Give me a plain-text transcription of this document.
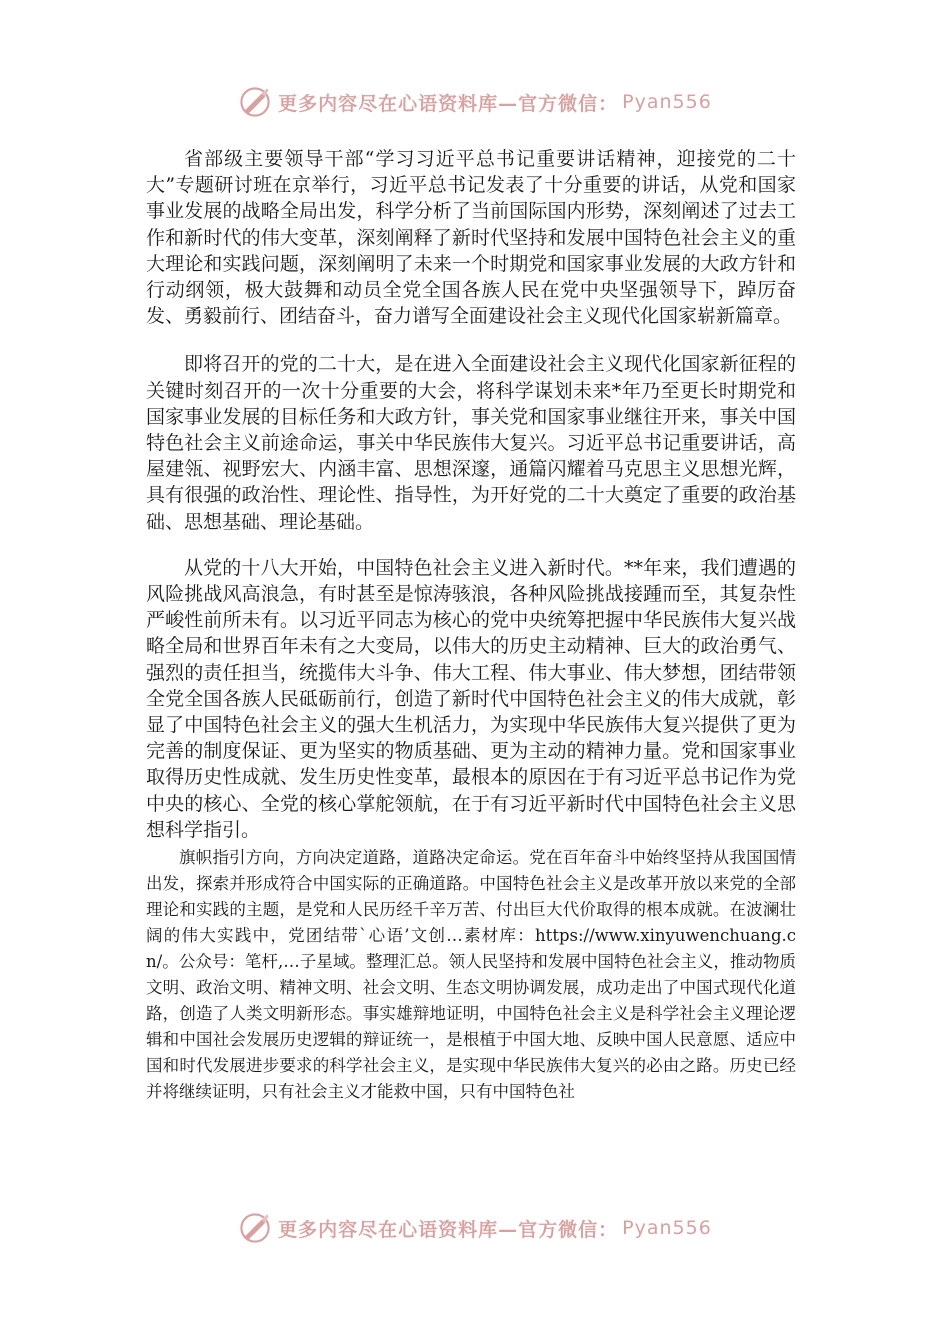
更多内容尽在心语资料库—官方微信： Pyan556

省部级主要领导干部“学习习近平总书记重要讲话精神，迎接党的二十大”专题研讨班在京举行，习近平总书记发表了十分重要的讲话，从党和国家事业发展的战略全局出发，科学分析了当前国际国内形势，深刻阐述了过去工作和新时代的伟大变革，深刻阐释了新时代坚持和发展中国特色社会主义的重大理论和实践问题，深刻阐明了未来一个时期党和国家事业发展的大政方针和行动纲领，极大鼓舞和动员全党全国各族人民在党中央坚强领导下，踔厉奋发、勇毅前行、团结奋斗，奋力谱写全面建设社会主义现代化国家崭新篇章。

即将召开的党的二十大，是在进入全面建设社会主义现代化国家新征程的关键时刻召开的一次十分重要的大会，将科学谋划未来*年乃至更长时期党和国家事业发展的目标任务和大政方针，事关党和国家事业继往开来，事关中国特色社会主义前途命运，事关中华民族伟大复兴。习近平总书记重要讲话，高屋建瓴、视野宏大、内涵丰富、思想深邃，通篇闪耀着马克思主义思想光辉，具有很强的政治性、理论性、指导性，为开好党的二十大奠定了重要的政治基础、思想基础、理论基础。

从党的十八大开始，中国特色社会主义进入新时代。**年来，我们遭遇的风险挑战风高浪急，有时甚至是惊涛骇浪，各种风险挑战接踵而至，其复杂性严峻性前所未有。以习近平同志为核心的党中央统筹把握中华民族伟大复兴战略全局和世界百年未有之大变局，以伟大的历史主动精神、巨大的政治勇气、强烈的责任担当，统揽伟大斗争、伟大工程、伟大事业、伟大梦想，团结带领全党全国各族人民砥砺前行，创造了新时代中国特色社会主义的伟大成就，彰显了中国特色社会主义的强大生机活力，为实现中华民族伟大复兴提供了更为完善的制度保证、更为坚实的物质基础、更为主动的精神力量。党和国家事业取得历史性成就、发生历史性变革，最根本的原因在于有习近平总书记作为党中央的核心、全党的核心掌舵领航，在于有习近平新时代中国特色社会主义思想科学指引。

旗帜指引方向，方向决定道路，道路决定命运。党在百年奋斗中始终坚持从我国国情出发，探索并形成符合中国实际的正确道路。中国特色社会主义是改革开放以来党的全部理论和实践的主题，是党和人民历经千辛万苦、付出巨大代价取得的根本成就。在波澜壮阔的伟大实践中，党团结带`心语’文创…素材库：https://www.xinyuwenchuang.cn/。公众号：笔杆,…子星域。整理汇总。领人民坚持和发展中国特色社会主义，推动物质文明、政治文明、精神文明、社会文明、生态文明协调发展，成功走出了中国式现代化道路，创造了人类文明新形态。事实雄辩地证明，中国特色社会主义是科学社会主义理论逻辑和中国社会发展历史逻辑的辩证统一，是根植于中国大地、反映中国人民意愿、适应中国和时代发展进步要求的科学社会主义，是实现中华民族伟大复兴的必由之路。历史已经并将继续证明，只有社会主义才能救中国，只有中国特色社

更多内容尽在心语资料库—官方微信： Pyan556
